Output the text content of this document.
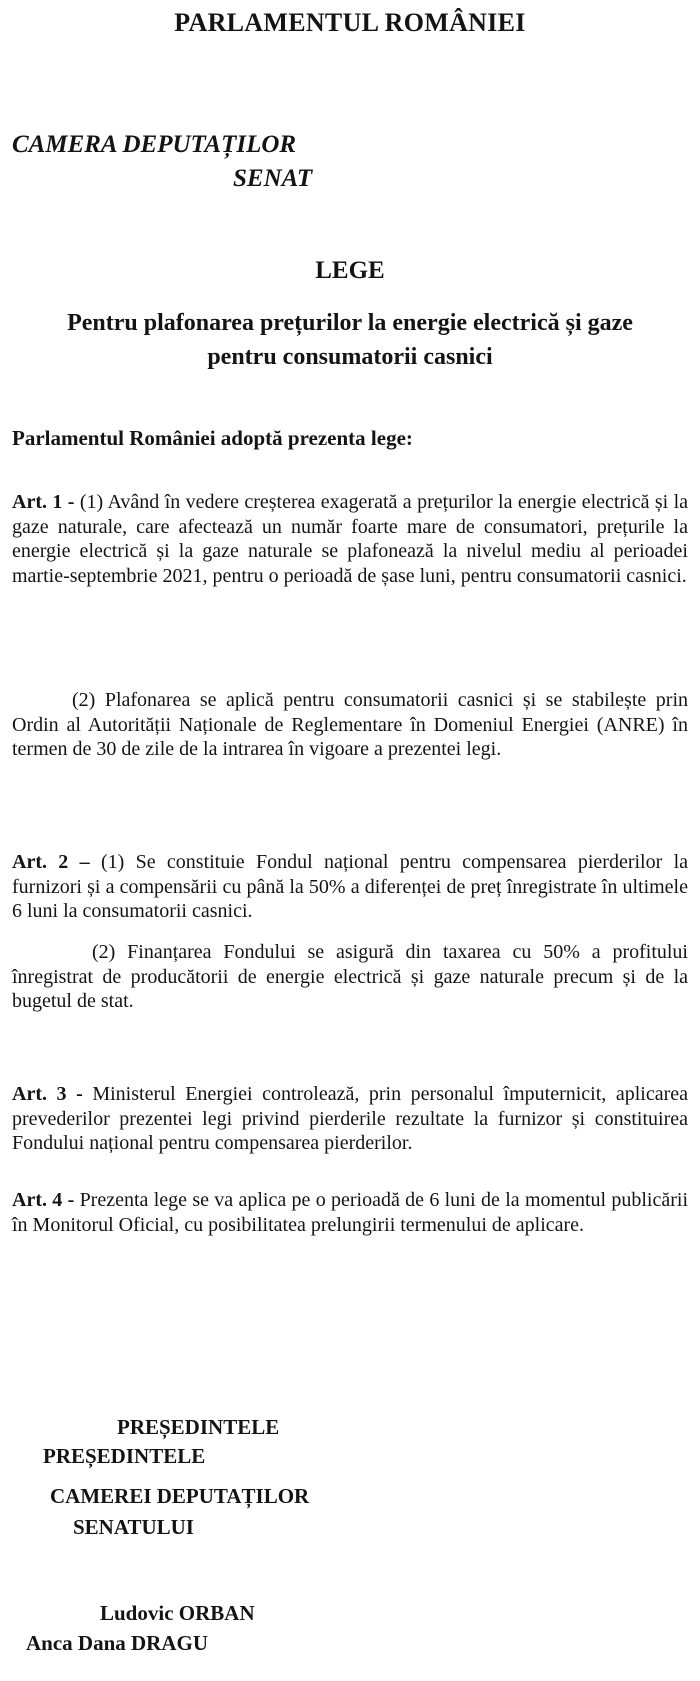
PARLAMENTUL ROMÂNIEI
CAMERA DEPUTAȚILOR
SENAT
LEGE
Pentru plafonarea prețurilor la energie electrică și gaze pentru consumatorii casnici
Parlamentul României adoptă prezenta lege:
Art. 1 - (1) Având în vedere creșterea exagerată a prețurilor la energie electrică și la gaze naturale, care afectează un număr foarte mare de consumatori, prețurile la energie electrică și la gaze naturale se plafonează la nivelul mediu al perioadei martie-septembrie 2021, pentru o perioadă de șase luni, pentru consumatorii casnici.
(2) Plafonarea se aplică pentru consumatorii casnici și se stabilește prin Ordin al Autorității Naționale de Reglementare în Domeniul Energiei (ANRE) în termen de 30 de zile de la intrarea în vigoare a prezentei legi.
Art. 2 – (1) Se constituie Fondul național pentru compensarea pierderilor la furnizori și a compensării cu până la 50% a diferenței de preț înregistrate în ultimele 6 luni la consumatorii casnici.
(2) Finanțarea Fondului se asigură din taxarea cu 50% a profitului înregistrat de producătorii de energie electrică și gaze naturale precum și de la bugetul de stat.
Art. 3 - Ministerul Energiei controlează, prin personalul împuternicit, aplicarea prevederilor prezentei legi privind pierderile rezultate la furnizor și constituirea Fondului național pentru compensarea pierderilor.
Art. 4 - Prezenta lege se va aplica pe o perioadă de 6 luni de la momentul publicării în Monitorul Oficial, cu posibilitatea prelungirii termenului de aplicare.
PREȘEDINTELE
PREȘEDINTELE
CAMEREI DEPUTAȚILOR
SENATULUI
Ludovic ORBAN
Anca Dana DRAGU
